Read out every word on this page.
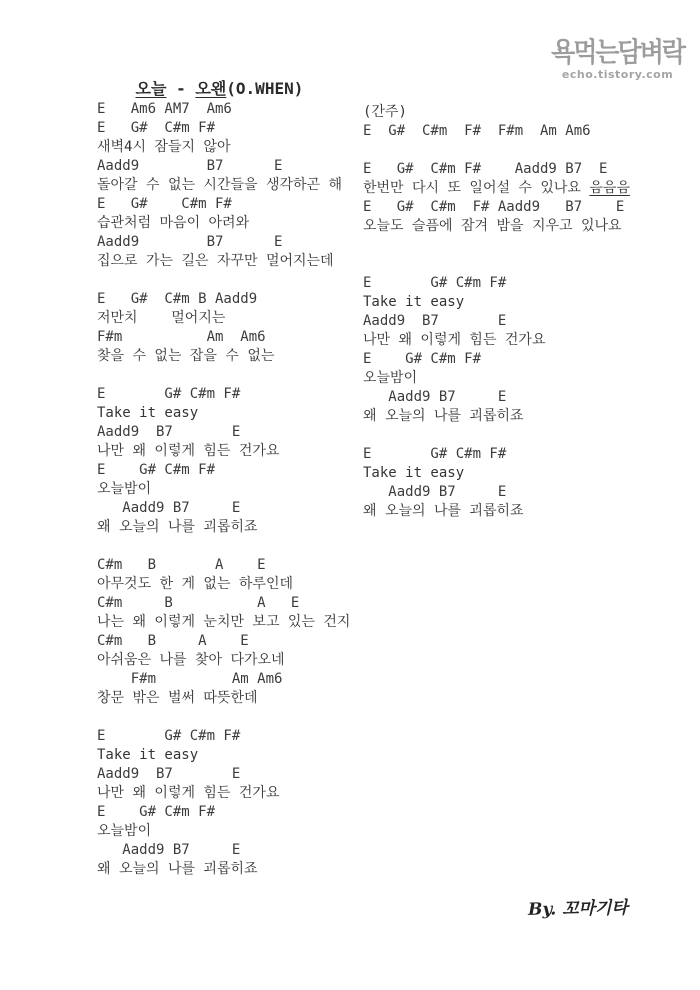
오늘 - 오왠(O.WHEN)

욕먹는담벼락
echo.tistory.com
E   Am6 AM7  Am6
E   G#  C#m F#
새벽4시 잠들지 않아
Aadd9        B7      E
돌아갈 수 없는 시간들을 생각하곤 해
E   G#    C#m F#
습관처럼 마음이 아려와
Aadd9        B7      E
집으로 가는 길은 자꾸만 멀어지는데
E   G#  C#m B Aadd9
저만치    멀어지는
F#m          Am  Am6
찾을 수 없는 잡을 수 없는
E       G# C#m F#
Take it easy
Aadd9  B7       E
나만 왜 이렇게 힘든 건가요
E    G# C#m F#
오늘밤이
Aadd9 B7     E
왜 오늘의 나를 괴롭히죠
C#m   B       A    E
아무것도 한 게 없는 하루인데
C#m     B          A   E
나는 왜 이렇게 눈치만 보고 있는 건지
C#m   B     A    E
아쉬움은 나를 찾아 다가오네
F#m         Am Am6
창문 밖은 벌써 따뜻한데
E       G# C#m F#
Take it easy
Aadd9  B7       E
나만 왜 이렇게 힘든 건가요
E    G# C#m F#
오늘밤이
Aadd9 B7     E
왜 오늘의 나를 괴롭히죠
(간주)
E  G#  C#m  F#  F#m  Am Am6
E   G#  C#m F#    Aadd9 B7  E
한번만 다시 또 일어설 수 있나요 음음음
E   G#  C#m  F# Aadd9   B7    E
오늘도 슬픔에 잠겨 밤을 지우고 있나요
E       G# C#m F#
Take it easy
Aadd9  B7       E
나만 왜 이렇게 힘든 건가요
E    G# C#m F#
오늘밤이
Aadd9 B7     E
왜 오늘의 나를 괴롭히죠
E       G# C#m F#
Take it easy
Aadd9 B7     E
왜 오늘의 나를 괴롭히죠
By. 꼬마기타
